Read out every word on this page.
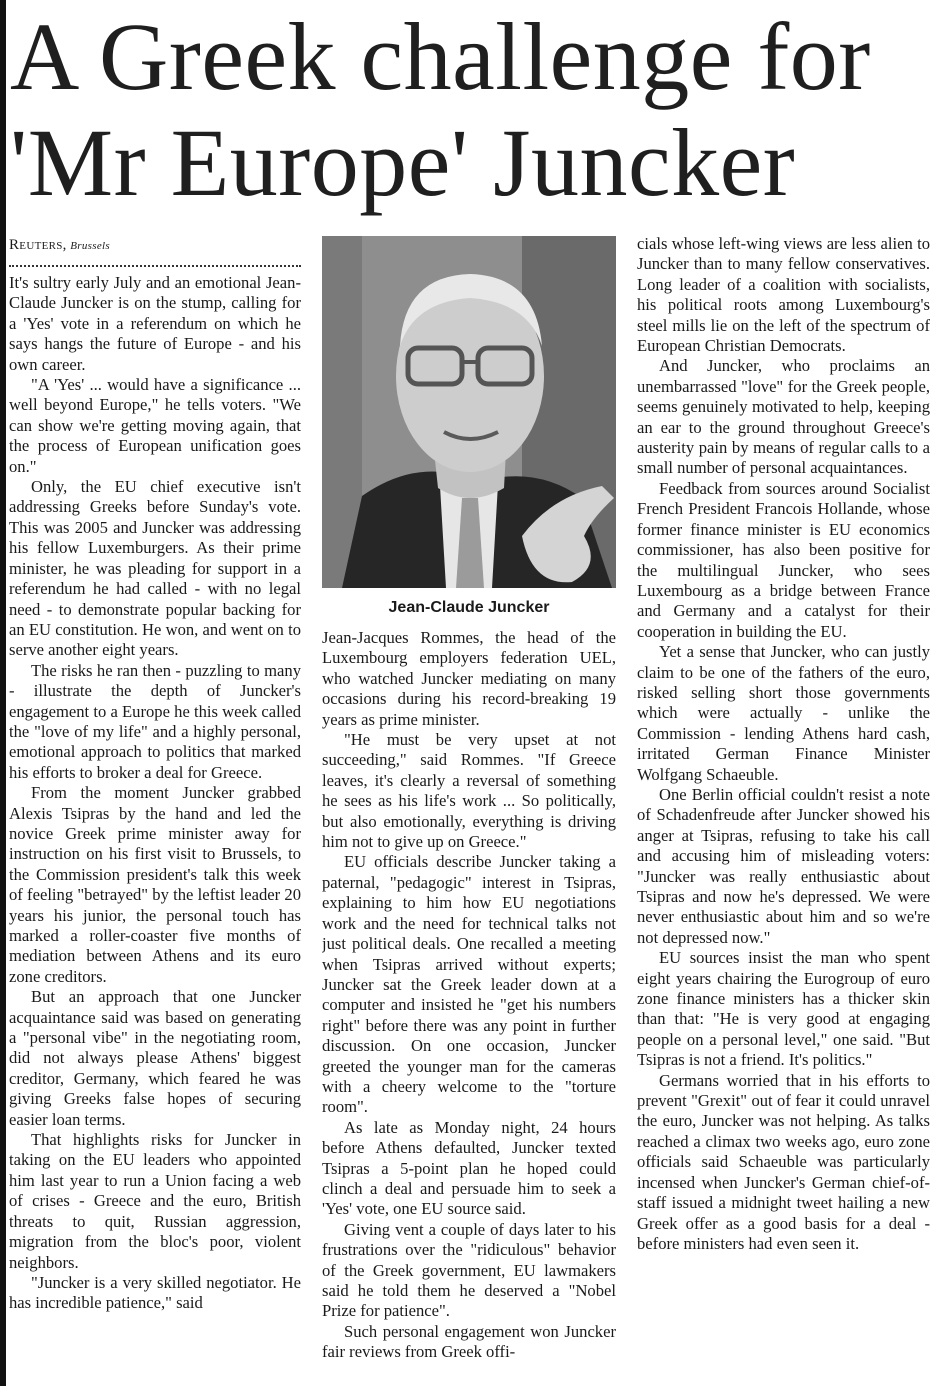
A Greek challenge for 'Mr Europe' Juncker
Reuters, Brussels

It's sultry early July and an emotional Jean-Claude Juncker is on the stump, calling for a 'Yes' vote in a referendum on which he says hangs the future of Europe - and his own career.

"A 'Yes' ... would have a significance ... well beyond Europe," he tells voters. "We can show we're getting moving again, that the process of European unification goes on."

Only, the EU chief executive isn't addressing Greeks before Sunday's vote. This was 2005 and Juncker was addressing his fellow Luxemburgers. As their prime minister, he was pleading for support in a referendum he had called - with no legal need - to demonstrate popular backing for an EU constitution. He won, and went on to serve another eight years.

The risks he ran then - puzzling to many - illustrate the depth of Juncker's engagement to a Europe he this week called the "love of my life" and a highly personal, emotional approach to politics that marked his efforts to broker a deal for Greece.

From the moment Juncker grabbed Alexis Tsipras by the hand and led the novice Greek prime minister away for instruction on his first visit to Brussels, to the Commission president's talk this week of feeling "betrayed" by the leftist leader 20 years his junior, the personal touch has marked a roller-coaster five months of mediation between Athens and its euro zone creditors.

But an approach that one Juncker acquaintance said was based on generating a "personal vibe" in the negotiating room, did not always please Athens' biggest creditor, Germany, which feared he was giving Greeks false hopes of securing easier loan terms.

That highlights risks for Juncker in taking on the EU leaders who appointed him last year to run a Union facing a web of crises - Greece and the euro, British threats to quit, Russian aggression, migration from the bloc's poor, violent neighbors.

"Juncker is a very skilled negotiator. He has incredible patience," said

Jean-Claude Juncker

Jean-Jacques Rommes, the head of the Luxembourg employers federation UEL, who watched Juncker mediating on many occasions during his record-breaking 19 years as prime minister.

"He must be very upset at not succeeding," said Rommes. "If Greece leaves, it's clearly a reversal of something he sees as his life's work ... So politically, but also emotionally, everything is driving him not to give up on Greece."

EU officials describe Juncker taking a paternal, "pedagogic" interest in Tsipras, explaining to him how EU negotiations work and the need for technical talks not just political deals. One recalled a meeting when Tsipras arrived without experts; Juncker sat the Greek leader down at a computer and insisted he "get his numbers right" before there was any point in further discussion. On one occasion, Juncker greeted the younger man for the cameras with a cheery welcome to the "torture room".

As late as Monday night, 24 hours before Athens defaulted, Juncker texted Tsipras a 5-point plan he hoped could clinch a deal and persuade him to seek a 'Yes' vote, one EU source said.

Giving vent a couple of days later to his frustrations over the "ridiculous" behavior of the Greek government, EU lawmakers said he told them he deserved a "Nobel Prize for patience".

Such personal engagement won Juncker fair reviews from Greek offi-

cials whose left-wing views are less alien to Juncker than to many fellow conservatives. Long leader of a coalition with socialists, his political roots among Luxembourg's steel mills lie on the left of the spectrum of European Christian Democrats.

And Juncker, who proclaims an unembarrassed "love" for the Greek people, seems genuinely motivated to help, keeping an ear to the ground throughout Greece's austerity pain by means of regular calls to a small number of personal acquaintances.

Feedback from sources around Socialist French President Francois Hollande, whose former finance minister is EU economics commissioner, has also been positive for the multilingual Juncker, who sees Luxembourg as a bridge between France and Germany and a catalyst for their cooperation in building the EU.

Yet a sense that Juncker, who can justly claim to be one of the fathers of the euro, risked selling short those governments which were actually - unlike the Commission - lending Athens hard cash, irritated German Finance Minister Wolfgang Schaeuble.

One Berlin official couldn't resist a note of Schadenfreude after Juncker showed his anger at Tsipras, refusing to take his call and accusing him of misleading voters: "Juncker was really enthusiastic about Tsipras and now he's depressed. We were never enthusiastic about him and so we're not depressed now."

EU sources insist the man who spent eight years chairing the Eurogroup of euro zone finance ministers has a thicker skin than that: "He is very good at engaging people on a personal level," one said. "But Tsipras is not a friend. It's politics."

Germans worried that in his efforts to prevent "Grexit" out of fear it could unravel the euro, Juncker was not helping. As talks reached a climax two weeks ago, euro zone officials said Schaeuble was particularly incensed when Juncker's German chief-of-staff issued a midnight tweet hailing a new Greek offer as a good basis for a deal - before ministers had even seen it.
